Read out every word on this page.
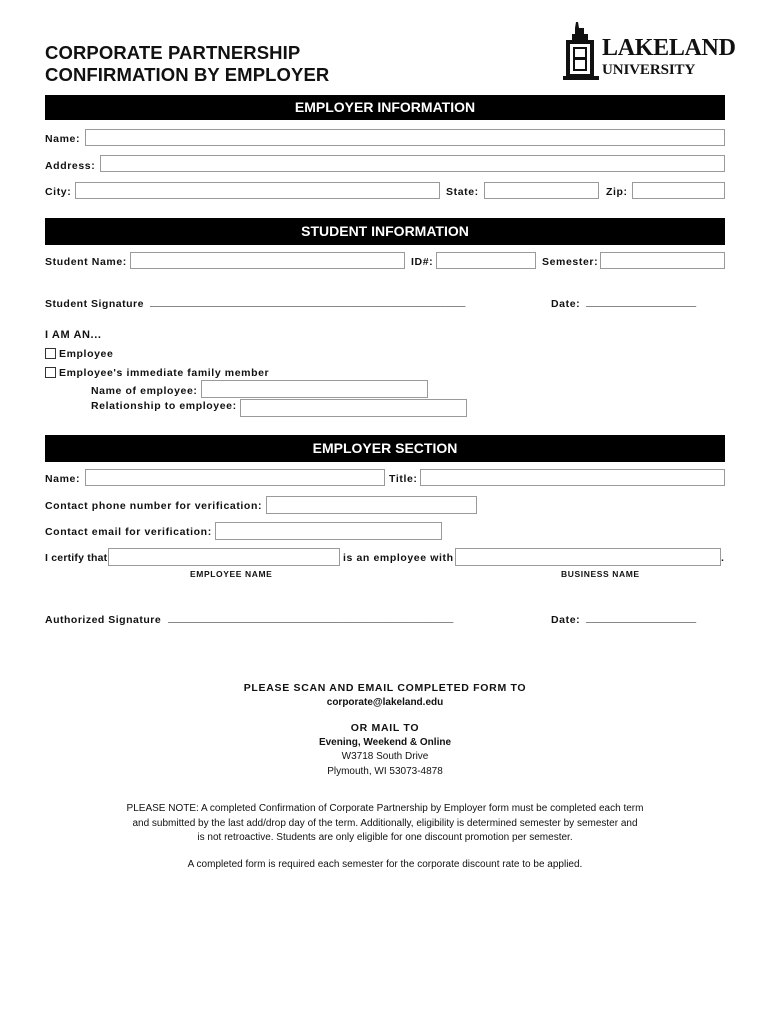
CORPORATE PARTNERSHIP
CONFIRMATION BY EMPLOYER
LAKELAND
UNIVERSITY
EMPLOYER INFORMATION
Name:
Address:
City:	State:	Zip:
STUDENT INFORMATION
Student Name:	ID#:	Semester:
Student Signature _______________________________________________________________	Date: ______________________
I AM AN...
Employee
Employee's immediate family member
Name of employee:
Relationship to employee:
EMPLOYER SECTION
Name:	Title:
Contact phone number for verification:
Contact email for verification:
I certify that	is an employee with	.
EMPLOYEE NAME	BUSINESS NAME
Authorized Signature _________________________________________________________	Date: ______________________
PLEASE SCAN AND EMAIL COMPLETED FORM TO
corporate@lakeland.edu
OR MAIL TO
Evening, Weekend & Online
W3718 South Drive
Plymouth, WI 53073-4878
PLEASE NOTE: A completed Confirmation of Corporate Partnership by Employer form must be completed each term
and submitted by the last add/drop day of the term. Additionally, eligibility is determined semester by semester and
is not retroactive. Students are only eligible for one discount promotion per semester.
A completed form is required each semester for the corporate discount rate to be applied.
